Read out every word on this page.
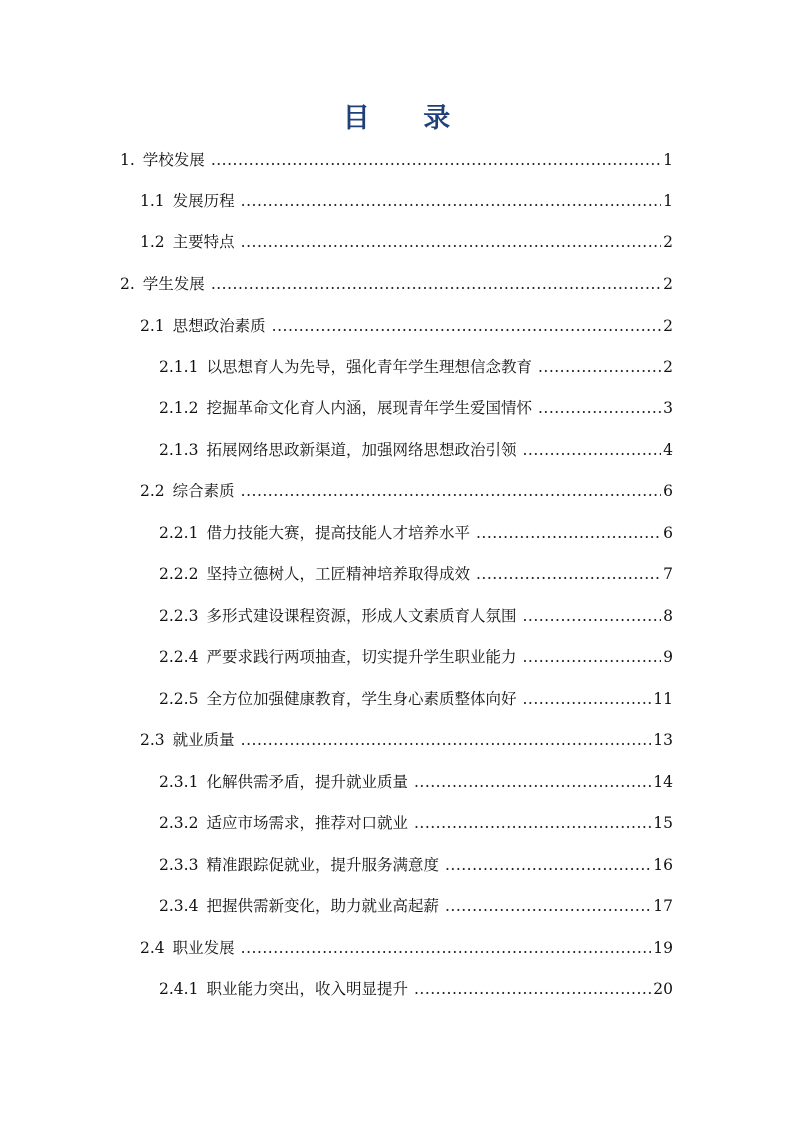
目 录
1. 学校发展 .....	1
1.1 发展历程 .....	1
1.2 主要特点 .....	2
2. 学生发展 .....	2
2.1 思想政治素质 .....	2
2.1.1 以思想育人为先导，强化青年学生理想信念教育 .....	2
2.1.2 挖掘革命文化育人内涵，展现青年学生爱国情怀 .....	3
2.1.3 拓展网络思政新渠道，加强网络思想政治引领 .....	4
2.2 综合素质 .....	6
2.2.1 借力技能大赛，提高技能人才培养水平 .....	6
2.2.2 坚持立德树人，工匠精神培养取得成效 .....	7
2.2.3 多形式建设课程资源，形成人文素质育人氛围 .....	8
2.2.4 严要求践行两项抽查，切实提升学生职业能力 .....	9
2.2.5 全方位加强健康教育，学生身心素质整体向好 .....	11
2.3 就业质量 .....	13
2.3.1 化解供需矛盾，提升就业质量 .....	14
2.3.2 适应市场需求，推荐对口就业 .....	15
2.3.3 精准跟踪促就业，提升服务满意度 .....	16
2.3.4 把握供需新变化，助力就业高起薪 .....	17
2.4 职业发展 .....	19
2.4.1 职业能力突出，收入明显提升 .....	20
